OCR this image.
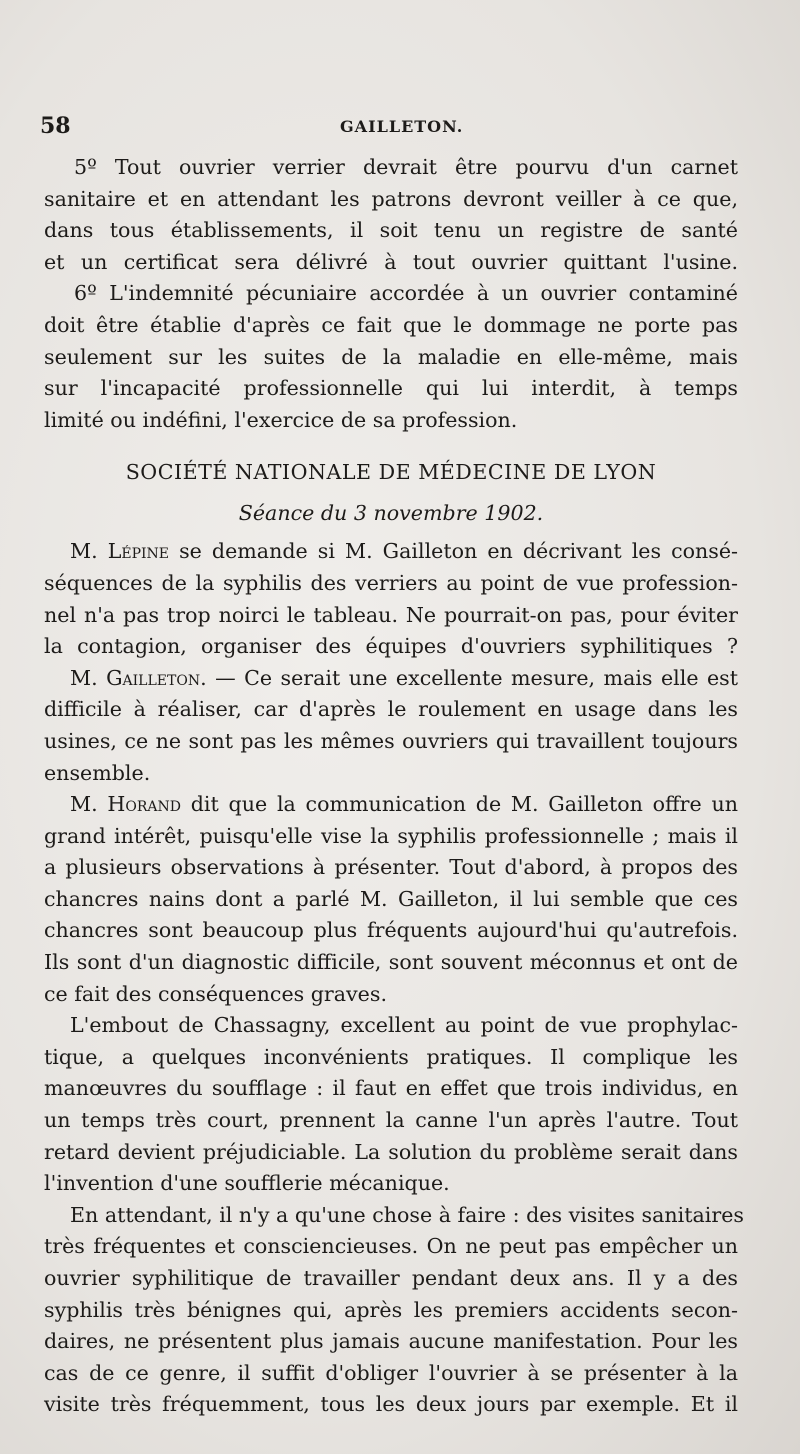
58	GAILLETON.
5º Tout ouvrier verrier devrait être pourvu d'un carnet
sanitaire et en attendant les patrons devront veiller à ce que,
dans tous établissements, il soit tenu un registre de santé
et un certificat sera délivré à tout ouvrier quittant l'usine.
6º L'indemnité pécuniaire accordée à un ouvrier contaminé
doit être établie d'après ce fait que le dommage ne porte pas
seulement sur les suites de la maladie en elle-même, mais
sur l'incapacité professionnelle qui lui interdit, à temps
limité ou indéfini, l'exercice de sa profession.
SOCIÉTÉ NATIONALE DE MÉDECINE DE LYON
Séance du 3 novembre 1902.
M. Lépine se demande si M. Gailleton en décrivant les consé-
séquences de la syphilis des verriers au point de vue profession-
nel n'a pas trop noirci le tableau. Ne pourrait-on pas, pour éviter
la contagion, organiser des équipes d'ouvriers syphilitiques ?
M. Gailleton. — Ce serait une excellente mesure, mais elle est
difficile à réaliser, car d'après le roulement en usage dans les
usines, ce ne sont pas les mêmes ouvriers qui travaillent toujours
ensemble.
M. Horand dit que la communication de M. Gailleton offre un
grand intérêt, puisqu'elle vise la syphilis professionnelle ; mais il
a plusieurs observations à présenter. Tout d'abord, à propos des
chancres nains dont a parlé M. Gailleton, il lui semble que ces
chancres sont beaucoup plus fréquents aujourd'hui qu'autrefois.
Ils sont d'un diagnostic difficile, sont souvent méconnus et ont de
ce fait des conséquences graves.
L'embout de Chassagny, excellent au point de vue prophylac-
tique, a quelques inconvénients pratiques. Il complique les
manœuvres du soufflage : il faut en effet que trois individus, en
un temps très court, prennent la canne l'un après l'autre. Tout
retard devient préjudiciable. La solution du problème serait dans
l'invention d'une soufflerie mécanique.
En attendant, il n'y a qu'une chose à faire : des visites sanitaires
très fréquentes et consciencieuses. On ne peut pas empêcher un
ouvrier syphilitique de travailler pendant deux ans. Il y a des
syphilis très bénignes qui, après les premiers accidents secon-
daires, ne présentent plus jamais aucune manifestation. Pour les
cas de ce genre, il suffit d'obliger l'ouvrier à se présenter à la
visite très fréquemment, tous les deux jours par exemple. Et il
